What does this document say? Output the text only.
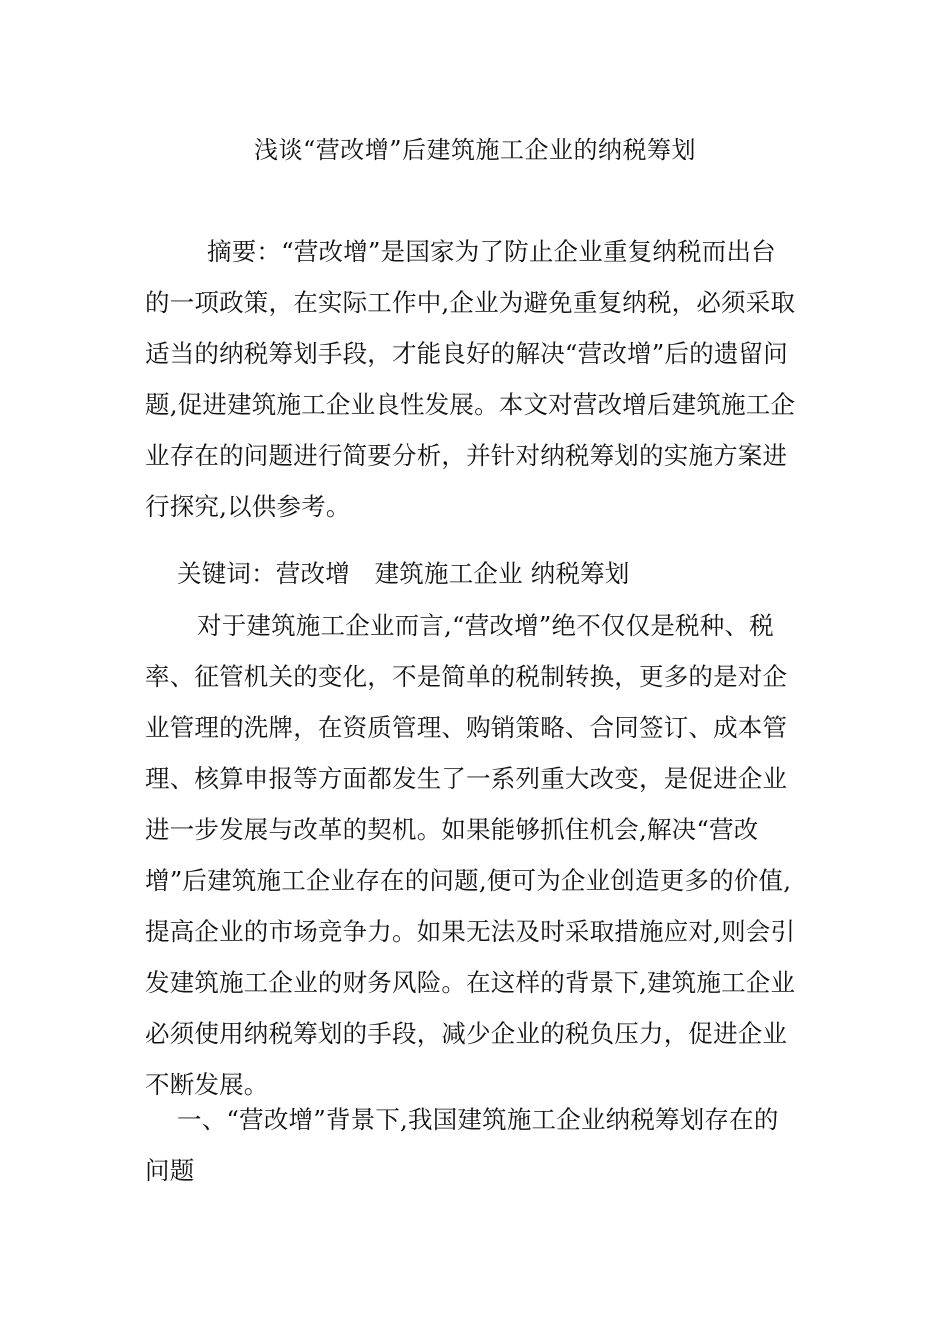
浅谈“营改增”后建筑施工企业的纳税筹划
摘要：“营改增”是国家为了防止企业重复纳税而出台的一项政策，在实际工作中,企业为避免重复纳税，必须采取适当的纳税筹划手段，才能良好的解决“营改增”后的遗留问题,促进建筑施工企业良性发展。本文对营改增后建筑施工企业存在的问题进行简要分析，并针对纳税筹划的实施方案进行探究,以供参考。
关键词：营改增　建筑施工企业 纳税筹划
对于建筑施工企业而言,“营改增”绝不仅仅是税种、税率、征管机关的变化，不是简单的税制转换，更多的是对企业管理的洗牌，在资质管理、购销策略、合同签订、成本管理、核算申报等方面都发生了一系列重大改变，是促进企业进一步发展与改革的契机。如果能够抓住机会,解决“营改增”后建筑施工企业存在的问题,便可为企业创造更多的价值,提高企业的市场竞争力。如果无法及时采取措施应对,则会引发建筑施工企业的财务风险。在这样的背景下,建筑施工企业必须使用纳税筹划的手段，减少企业的税负压力，促进企业不断发展。
一、“营改增”背景下,我国建筑施工企业纳税筹划存在的问题
